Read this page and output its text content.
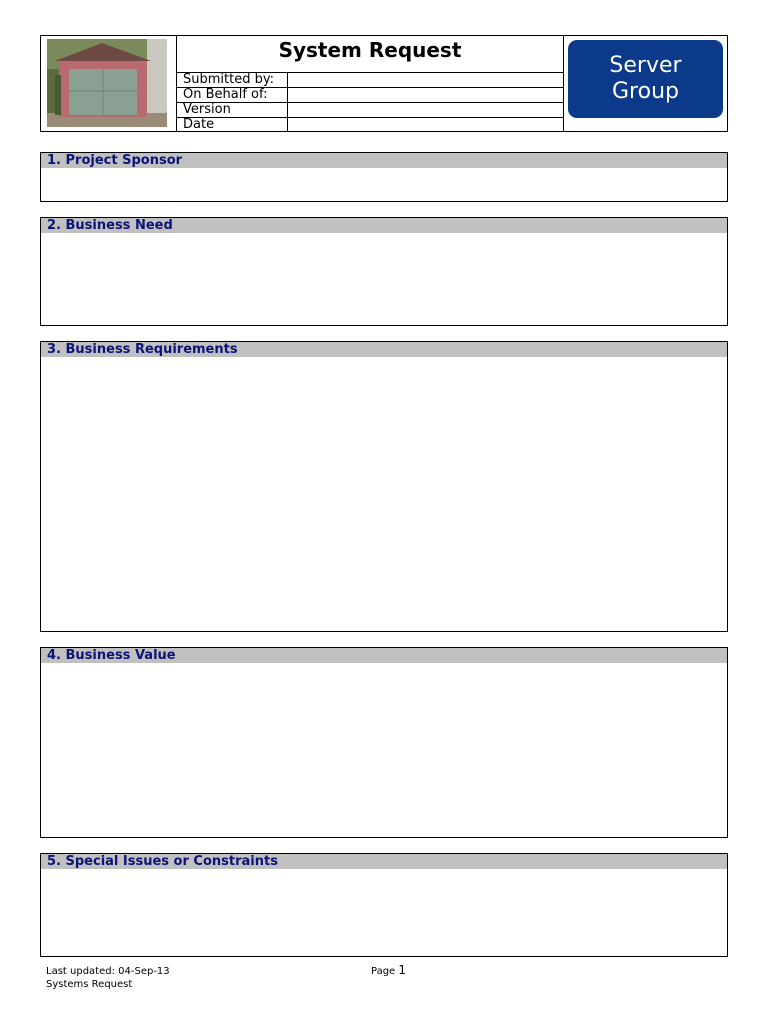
System Request
Submitted by:	
On Behalf of:	
Version	
Date	
Server
Group
1. Project Sponsor
2. Business Need
3. Business Requirements
4. Business Value
5. Special Issues or Constraints
Last updated: 04-Sep-13
Systems Request
Page 1
